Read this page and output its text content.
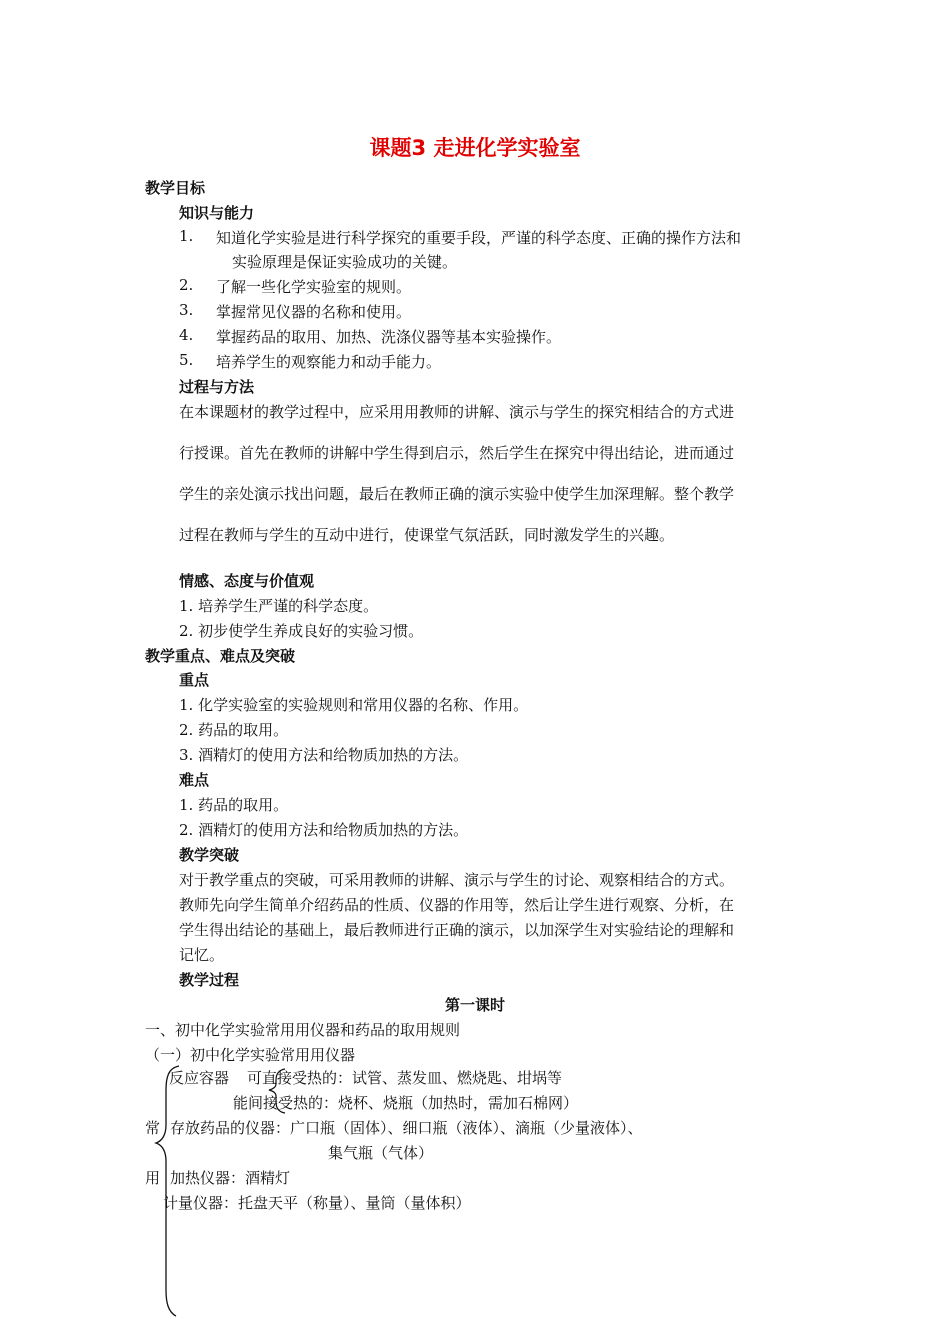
课题3 走进化学实验室
教学目标
知识与能力
1. 知道化学实验是进行科学探究的重要手段，严谨的科学态度、正确的操作方法和
实验原理是保证实验成功的关键。
2. 了解一些化学实验室的规则。
3. 掌握常见仪器的名称和使用。
4. 掌握药品的取用、加热、洗涤仪器等基本实验操作。
5. 培养学生的观察能力和动手能力。
过程与方法
在本课题材的教学过程中，应采用用教师的讲解、演示与学生的探究相结合的方式进
行授课。首先在教师的讲解中学生得到启示，然后学生在探究中得出结论，进而通过
学生的亲处演示找出问题，最后在教师正确的演示实验中使学生加深理解。整个教学
过程在教师与学生的互动中进行，使课堂气氛活跃，同时激发学生的兴趣。
情感、态度与价值观
1. 培养学生严谨的科学态度。
2. 初步使学生养成良好的实验习惯。
教学重点、难点及突破
重点
1. 化学实验室的实验规则和常用仪器的名称、作用。
2. 药品的取用。
3. 酒精灯的使用方法和给物质加热的方法。
难点
1. 药品的取用。
2. 酒精灯的使用方法和给物质加热的方法。
教学突破
对于教学重点的突破，可采用教师的讲解、演示与学生的讨论、观察相结合的方式。
教师先向学生简单介绍药品的性质、仪器的作用等，然后让学生进行观察、分析，在
学生得出结论的基础上，最后教师进行正确的演示，以加深学生对实验结论的理解和
记忆。
教学过程
第一课时
一、初中化学实验常用用仪器和药品的取用规则
（一）初中化学实验常用用仪器
常
用
反应容器 可直接受热的：试管、蒸发皿、燃烧匙、坩埚等
能间接受热的：烧杯、烧瓶（加热时，需加石棉网）
存放药品的仪器：广口瓶（固体）、细口瓶（液体）、滴瓶（少量液体）、
集气瓶（气体）
加热仪器：酒精灯
计量仪器：托盘天平（称量）、量筒（量体积）
